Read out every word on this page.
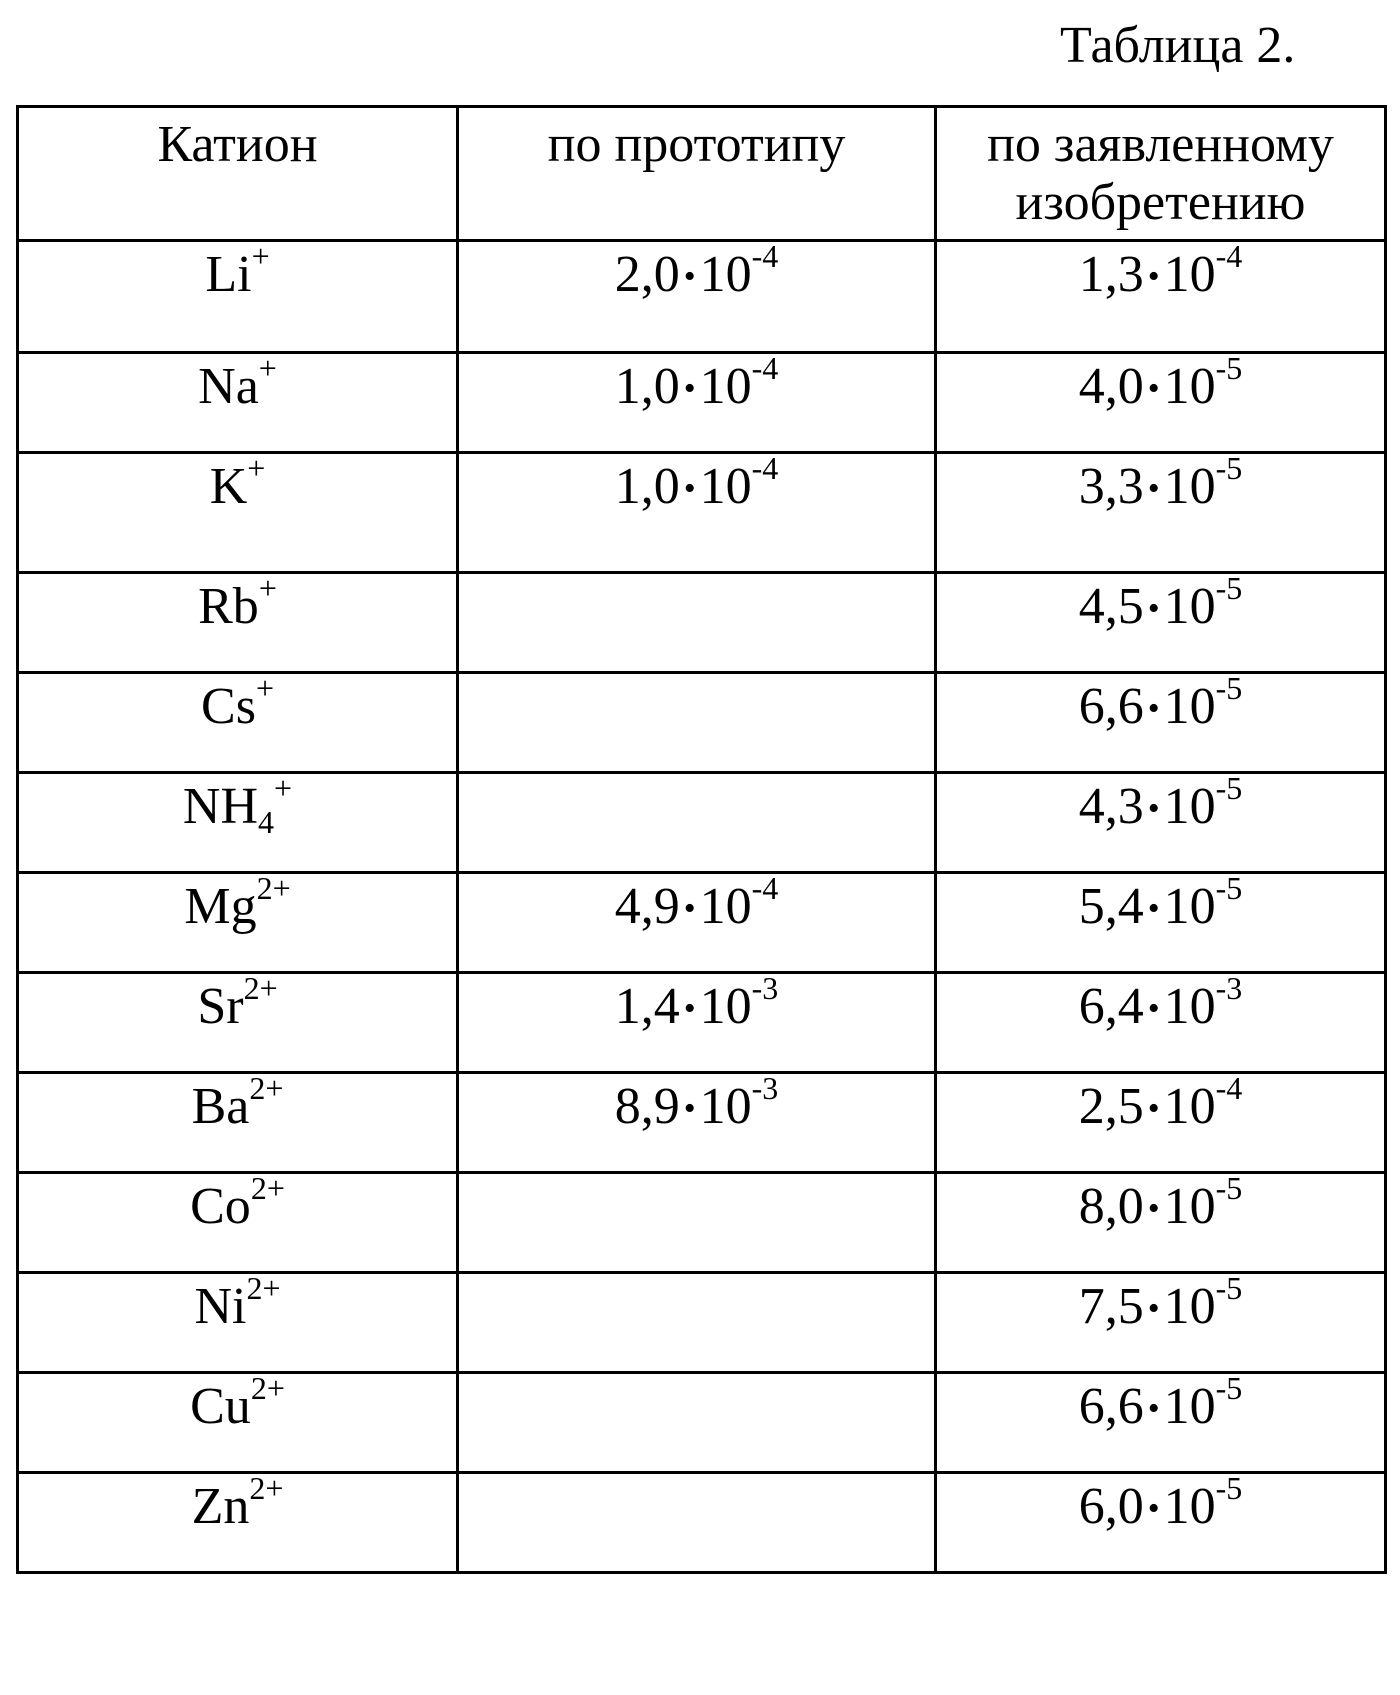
Таблица 2.
Катион	по прототипу	по заявленному изобретению
Li+	2,0 $•10^{-4}$	1,3 $•10^{-4}$
Na+	1,0 $•10^{-4}$	4,0 $•10^{-5}$
K+	1,0 $•10^{-4}$	3,3 $•10^{-5}$
Rb+		4,5 $•10^{-5}$
Cs+		6,6 $•10^{-5}$
NH4+		4,3 $•10^{-5}$
$Mg^{2+}$	4,9 $•10^{-4}$	5,4 $•10^{-5}$
$Sr^{2+}$	1,4 $•10^{-3}$	6,4 $•10^{-3}$
$Ba^{2+}$	8,9 $•10^{-3}$	2,5 $•10^{-4}$
$Co^{2+}$		8,0 $•10^{-5}$
$Ni^{2+}$		7,5 $•10^{-5}$
$Cu^{2+}$		6,6 $•10^{-5}$
$Zn^{2+}$		6,0 $•10^{-5}$
